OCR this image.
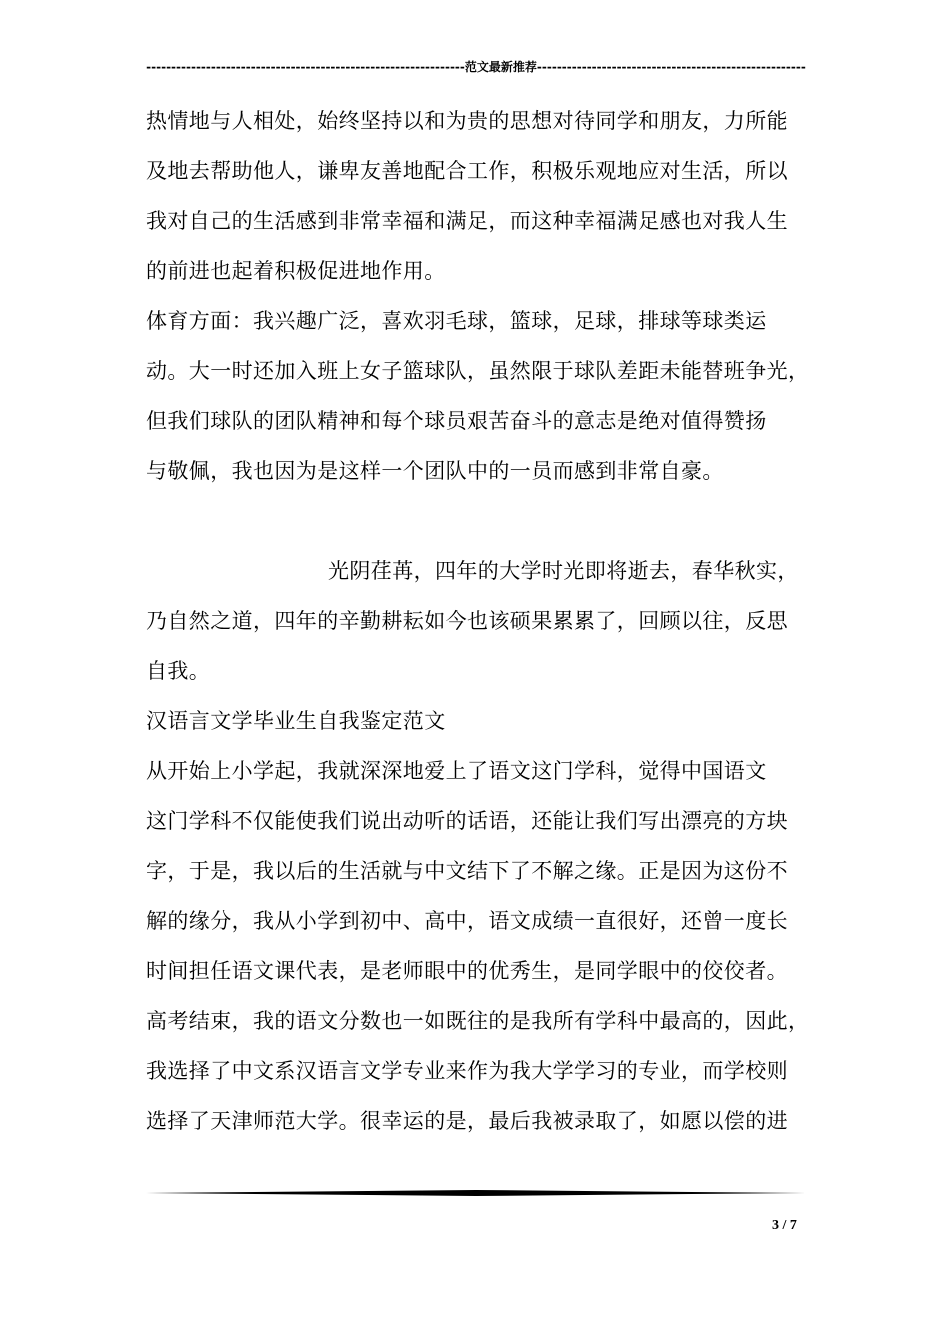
----------------------------------------------------------------范文最新推荐------------------------------------------------------
热情地与人相处，始终坚持以和为贵的思想对待同学和朋友，力所能
及地去帮助他人，谦卑友善地配合工作，积极乐观地应对生活，所以
我对自己的生活感到非常幸福和满足，而这种幸福满足感也对我人生
的前进也起着积极促进地作用。
体育方面：我兴趣广泛，喜欢羽毛球，篮球，足球，排球等球类运
动。大一时还加入班上女子篮球队，虽然限于球队差距未能替班争光，
但我们球队的团队精神和每个球员艰苦奋斗的意志是绝对值得赞扬
与敬佩，我也因为是这样一个团队中的一员而感到非常自豪。
光阴荏苒，四年的大学时光即将逝去，春华秋实，
乃自然之道，四年的辛勤耕耘如今也该硕果累累了，回顾以往，反思
自我。
汉语言文学毕业生自我鉴定范文
从开始上小学起，我就深深地爱上了语文这门学科，觉得中国语文
这门学科不仅能使我们说出动听的话语，还能让我们写出漂亮的方块
字，于是，我以后的生活就与中文结下了不解之缘。正是因为这份不
解的缘分，我从小学到初中、高中，语文成绩一直很好，还曾一度长
时间担任语文课代表，是老师眼中的优秀生，是同学眼中的佼佼者。
高考结束，我的语文分数也一如既往的是我所有学科中最高的，因此，
我选择了中文系汉语言文学专业来作为我大学学习的专业，而学校则
选择了天津师范大学。很幸运的是，最后我被录取了，如愿以偿的进
3 / 7
